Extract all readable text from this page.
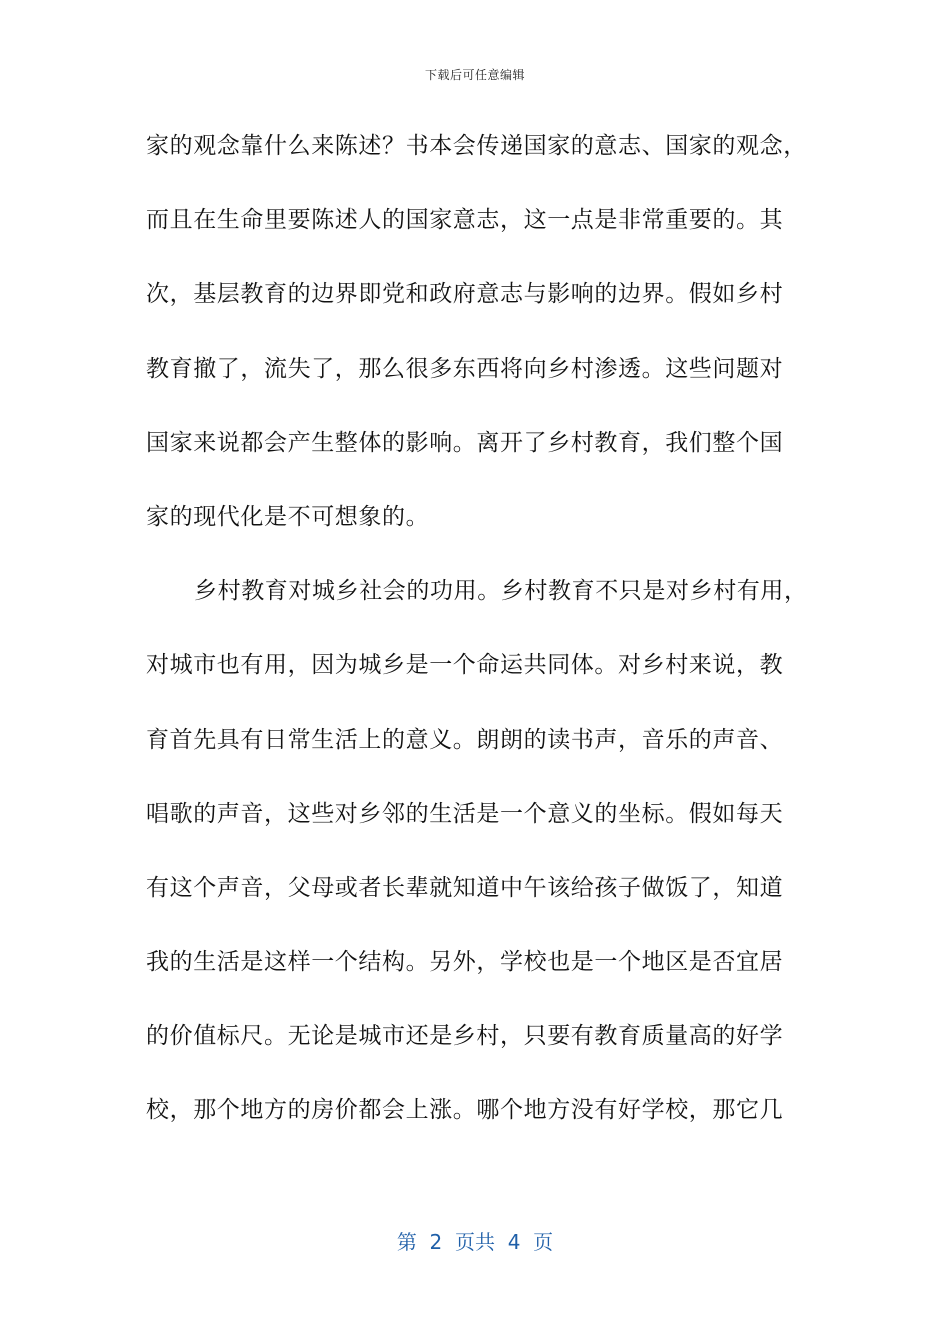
下载后可任意编辑
家的观念靠什么来陈述？书本会传递国家的意志、国家的观念，
而且在生命里要陈述人的国家意志，这一点是非常重要的。其
次，基层教育的边界即党和政府意志与影响的边界。假如乡村
教育撤了，流失了，那么很多东西将向乡村渗透。这些问题对
国家来说都会产生整体的影响。离开了乡村教育，我们整个国
家的现代化是不可想象的。
乡村教育对城乡社会的功用。乡村教育不只是对乡村有用，
对城市也有用，因为城乡是一个命运共同体。对乡村来说，教
育首先具有日常生活上的意义。朗朗的读书声，音乐的声音、
唱歌的声音，这些对乡邻的生活是一个意义的坐标。假如每天
有这个声音，父母或者长辈就知道中午该给孩子做饭了，知道
我的生活是这样一个结构。另外，学校也是一个地区是否宜居
的价值标尺。无论是城市还是乡村，只要有教育质量高的好学
校，那个地方的房价都会上涨。哪个地方没有好学校，那它几
第  2  页共  4  页
